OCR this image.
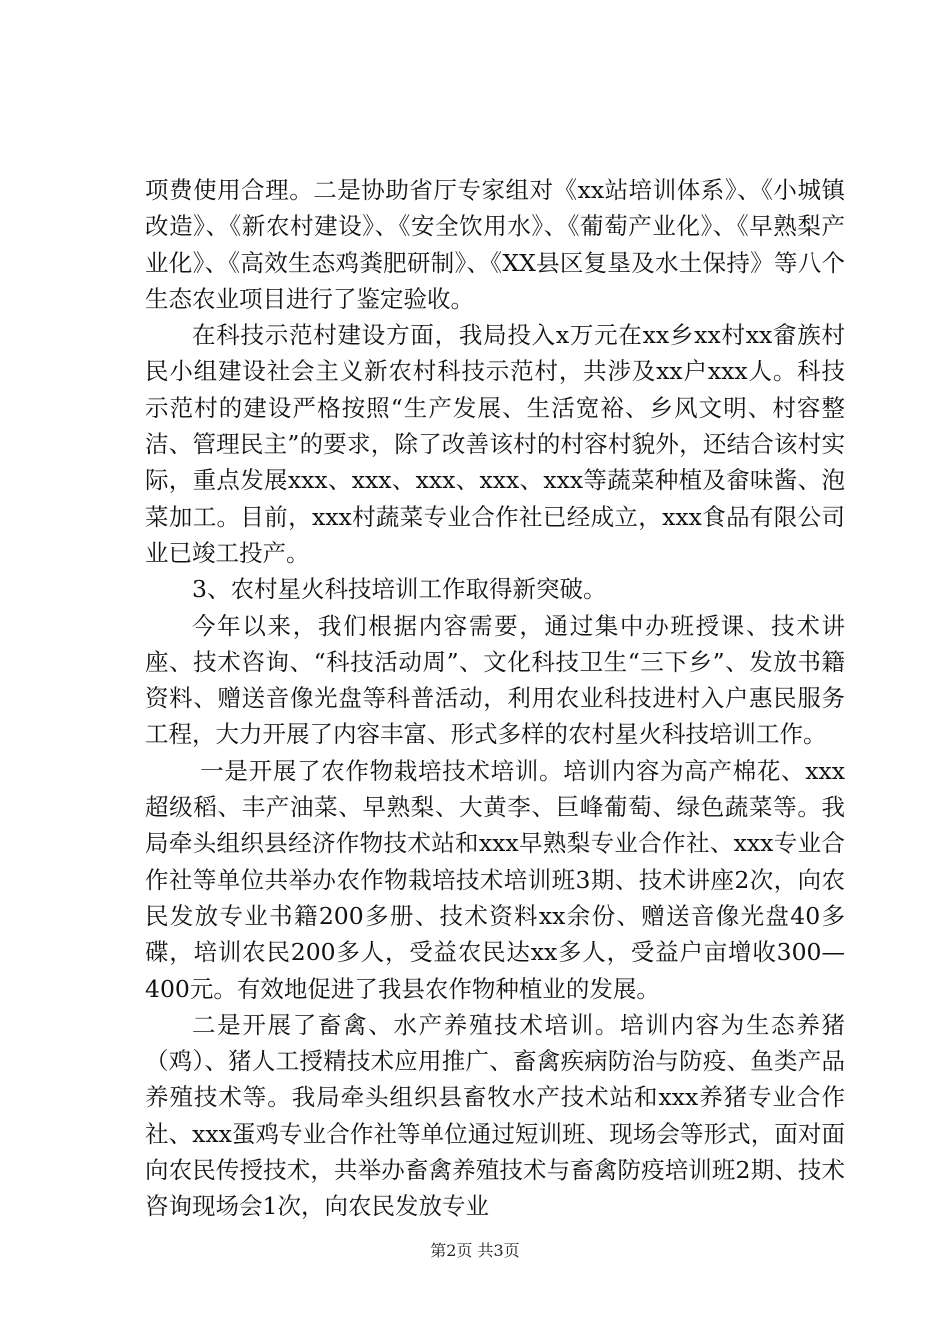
项费使用合理。二是协助省厅专家组对《xx站培训体系》、《小城镇改造》、《新农村建设》、《安全饮用水》、《葡萄产业化》、《早熟梨产业化》、《高效生态鸡粪肥研制》、《XX县区复垦及水土保持》等八个生态农业项目进行了鉴定验收。

在科技示范村建设方面，我局投入x万元在xx乡xx村xx畲族村民小组建设社会主义新农村科技示范村，共涉及xx户xxx人。科技示范村的建设严格按照“生产发展、生活宽裕、乡风文明、村容整洁、管理民主”的要求，除了改善该村的村容村貌外，还结合该村实际，重点发展xxx、xxx、xxx、xxx、xxx等蔬菜种植及畲味酱、泡菜加工。目前，xxx村蔬菜专业合作社已经成立，xxx食品有限公司业已竣工投产。

3、农村星火科技培训工作取得新突破。

今年以来，我们根据内容需要，通过集中办班授课、技术讲座、技术咨询、“科技活动周”、文化科技卫生“三下乡”、发放书籍资料、赠送音像光盘等科普活动，利用农业科技进村入户惠民服务工程，大力开展了内容丰富、形式多样的农村星火科技培训工作。

一是开展了农作物栽培技术培训。培训内容为高产棉花、xxx超级稻、丰产油菜、早熟梨、大黄李、巨峰葡萄、绿色蔬菜等。我局牵头组织县经济作物技术站和xxx早熟梨专业合作社、xxx专业合作社等单位共举办农作物栽培技术培训班3期、技术讲座2次，向农民发放专业书籍200多册、技术资料xx余份、赠送音像光盘40多碟，培训农民200多人，受益农民达xx多人，受益户亩增收300—400元。有效地促进了我县农作物种植业的发展。

二是开展了畜禽、水产养殖技术培训。培训内容为生态养猪（鸡）、猪人工授精技术应用推广、畜禽疾病防治与防疫、鱼类产品养殖技术等。我局牵头组织县畜牧水产技术站和xxx养猪专业合作社、xxx蛋鸡专业合作社等单位通过短训班、现场会等形式，面对面向农民传授技术，共举办畜禽养殖技术与畜禽防疫培训班2期、技术咨询现场会1次，向农民发放专业

第2页 共3页
